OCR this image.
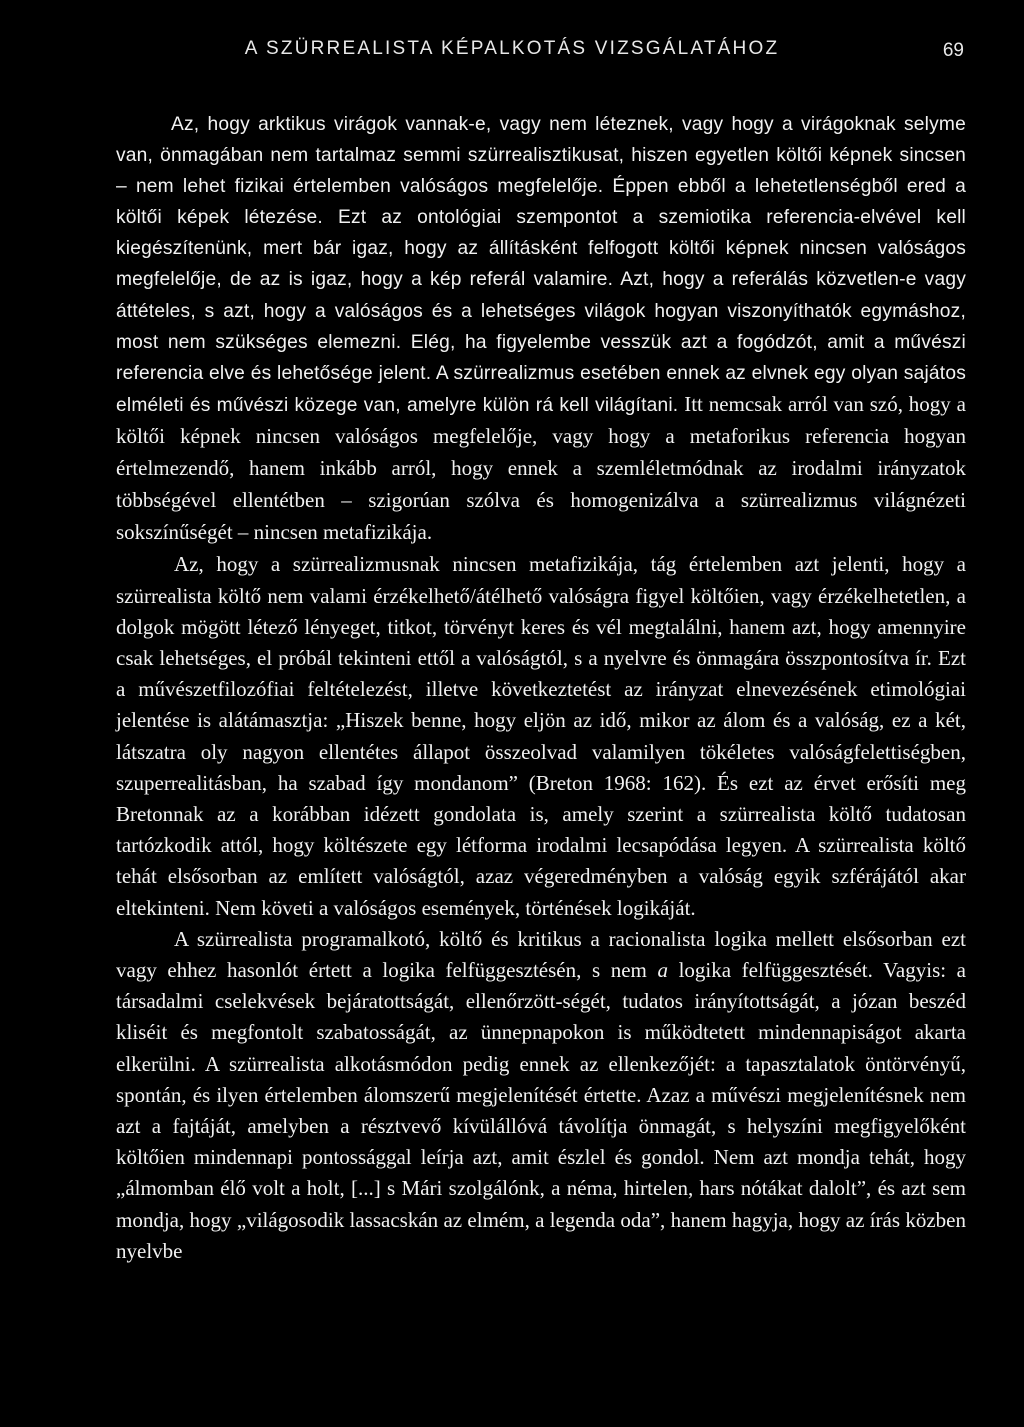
A SZÜRREALISTA KÉPALKOTÁS VIZSGÁLATÁHOZ	69

Az, hogy arktikus virágok vannak-e, vagy nem léteznek, vagy hogy a virágoknak selyme van, önmagában nem tartalmaz semmi szürrealisztikusat, hiszen egyetlen költői képnek sincsen – nem lehet fizikai értelemben valóságos megfelelője. Éppen ebből a lehetetlenségből ered a költői képek létezése. Ezt az ontológiai szempontot a szemiotika referencia-elvével kell kiegészítenünk, mert bár igaz, hogy az állításként felfogott költői képnek nincsen valóságos megfelelője, de az is igaz, hogy a kép referál valamire. Azt, hogy a referálás közvetlen-e vagy áttételes, s azt, hogy a valóságos és a lehetséges világok hogyan viszonyíthatók egymáshoz, most nem szükséges elemezni. Elég, ha figyelembe vesszük azt a fogódzót, amit a művészi referencia elve és lehetősége jelent. A szürrealizmus esetében ennek az elvnek egy olyan sajátos elméleti és művészi közege van, amelyre külön rá kell világítani. Itt nemcsak arról van szó, hogy a költői képnek nincsen valóságos megfelelője, vagy hogy a metaforikus referencia hogyan értelmezendő, hanem inkább arról, hogy ennek a szemléletmódnak az irodalmi irányzatok többségével ellentétben – szigorúan szólva és homogenizálva a szürrealizmus világnézeti sokszínűségét – nincsen metafizikája.

Az, hogy a szürrealizmusnak nincsen metafizikája, tág értelemben azt jelenti, hogy a szürrealista költő nem valami érzékelhető/átélhető valóságra figyel költőien, vagy érzékelhetetlen, a dolgok mögött létező lényeget, titkot, törvényt keres és vél megtalálni, hanem azt, hogy amennyire csak lehetséges, el próbál tekinteni ettől a valóságtól, s a nyelvre és önmagára összpontosítva ír. Ezt a művészetfilozófiai feltételezést, illetve következtetést az irányzat elnevezésének etimológiai jelentése is alátámasztja: „Hiszek benne, hogy eljön az idő, mikor az álom és a valóság, ez a két, látszatra oly nagyon ellentétes állapot összeolvad valamilyen tökéletes valóságfelettiségben, szuperrealitásban, ha szabad így mondanom” (Breton 1968: 162). És ezt az érvet erősíti meg Bretonnak az a korábban idézett gondolata is, amely szerint a szürrealista költő tudatosan tartózkodik attól, hogy költészete egy létforma irodalmi lecsapódása legyen. A szürrealista költő tehát elsősorban az említett valóságtól, azaz végeredményben a valóság egyik szférájától akar eltekinteni. Nem követi a valóságos események, történések logikáját.

A szürrealista programalkotó, költő és kritikus a racionalista logika mellett elsősorban ezt vagy ehhez hasonlót értett a logika felfüggesztésén, s nem a logika felfüggesztését. Vagyis: a társadalmi cselekvések bejáratottságát, ellenőrzött-ségét, tudatos irányítottságát, a józan beszéd kliséit és megfontolt szabatosságát, az ünnepnapokon is működtetett mindennapiságot akarta elkerülni. A szürrealista alkotásmódon pedig ennek az ellenkezőjét: a tapasztalatok öntörvényű, spontán, és ilyen értelemben álomszerű megjelenítését értette. Azaz a művészi megjelenítésnek nem azt a fajtáját, amelyben a résztvevő kívülállóvá távolítja önmagát, s helyszíni megfigyelőként költőien mindennapi pontossággal leírja azt, amit észlel és gondol. Nem azt mondja tehát, hogy „álmomban élő volt a holt, [...] s Mári szolgálónk, a néma, hirtelen, hars nótákat dalolt”, és azt sem mondja, hogy „világosodik lassacskán az elmém, a legenda oda”, hanem hagyja, hogy az írás közben nyelvbe
